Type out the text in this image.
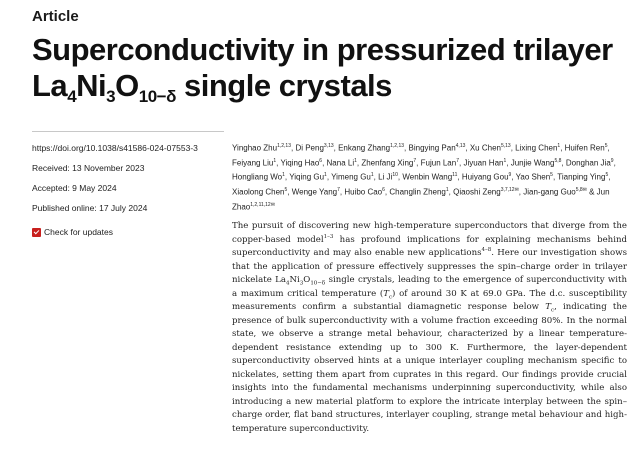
Article
Superconductivity in pressurized trilayer
$La_4Ni_3O_{10-\delta}$ single crystals
https://doi.org/10.1038/s41586-024-07553-3
Received: 13 November 2023
Accepted: 9 May 2024
Published online: 17 July 2024
Check for updates
Yinghao Zhu$^{1,2,13}$, Di Peng$^{3,13}$, Enkang Zhang$^{1,2,13}$, Bingying Pan$^{4,13}$, Xu Chen$^{5,13}$, Lixing Chen$^1$, Huifen Ren$^5$, Feiyang Liu$^1$, Yiqing Hao$^6$, Nana Li$^1$, Zhenfang Xing$^7$, Fujun Lan$^7$, Jiyuan Han$^1$, Junjie Wang$^{5,8}$, Donghan Jia$^9$, Hongliang Wo$^1$, Yiqing Gu$^1$, Yimeng Gu$^1$, Li Ji$^{10}$, Wenbin Wang$^{11}$, Huiyang Gou$^9$, Yao Shen$^5$, Tianping Ying$^5$, Xiaolong Chen$^5$, Wenge Yang$^7$, Huibo Cao$^6$, Changlin Zheng$^1$, Qiaoshi Zeng$^{3,7,12✉}$, Jian-gang Guo$^{5,8✉}$ & Jun Zhao$^{1,2,11,12✉}$
The pursuit of discovering new high-temperature superconductors that diverge from the copper-based model$^{1-3}$ has profound implications for explaining mechanisms behind superconductivity and may also enable new applications$^{4-8}$. Here our investigation shows that the application of pressure effectively suppresses the spin–charge order in trilayer nickelate $La_4Ni_3O_{10-\delta}$ single crystals, leading to the emergence of superconductivity with a maximum critical temperature $(T_c)$ of around 30 K at 69.0 GPa. The d.c. susceptibility measurements confirm a substantial diamagnetic response below $T_c$, indicating the presence of bulk superconductivity with a volume fraction exceeding 80%. In the normal state, we observe a strange metal behaviour, characterized by a linear temperature-dependent resistance extending up to 300 K. Furthermore, the layer-dependent superconductivity observed hints at a unique interlayer coupling mechanism specific to nickelates, setting them apart from cuprates in this regard. Our findings provide crucial insights into the fundamental mechanisms underpinning superconductivity, while also introducing a new material platform to explore the intricate interplay between the spin–charge order, flat band structures, interlayer coupling, strange metal behaviour and high-temperature superconductivity.
